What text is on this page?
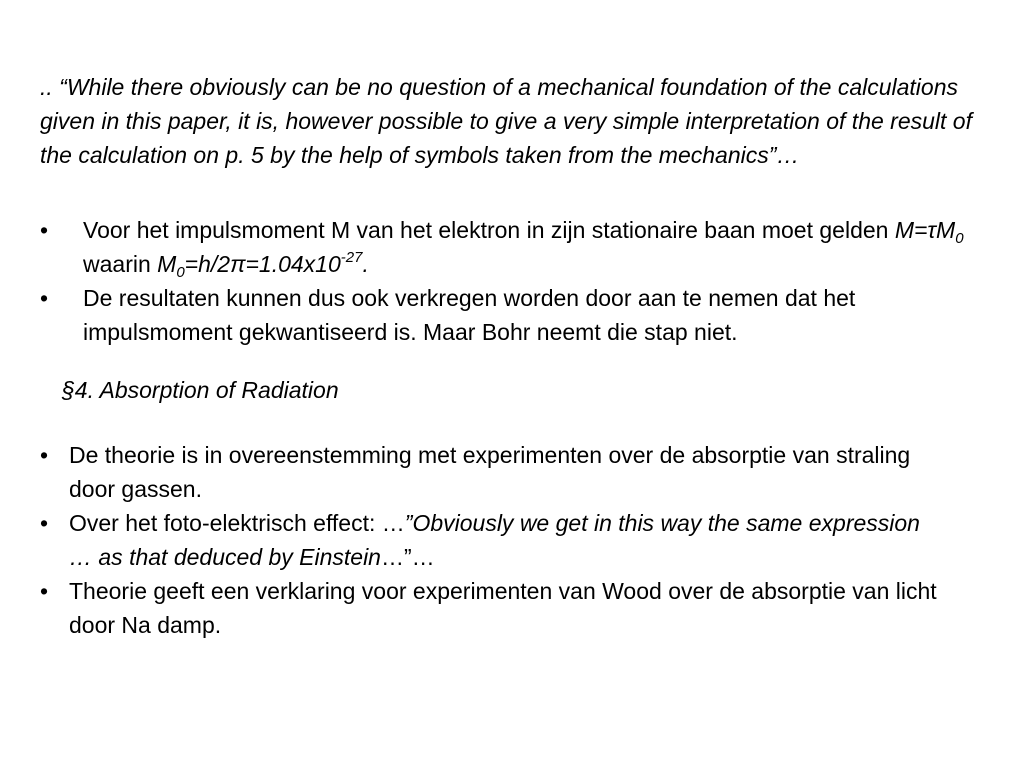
.. “While there obviously can be no question of a mechanical foundation of the calculations given in this paper, it is, however possible to give a very simple interpretation of the result of the calculation on p. 5 by the help of symbols taken from the mechanics”…
• Voor het impulsmoment M van het elektron in zijn stationaire baan moet gelden $M=\tau M_0$ waarin $M_0=h/2\pi=1.04x10^{-27}$.
• De resultaten kunnen dus ook verkregen worden door aan te nemen dat het impulsmoment gekwantiseerd is. Maar Bohr neemt die stap niet.
§4. Absorption of Radiation
• De theorie is in overeenstemming met experimenten over de absorptie van straling door gassen.
• Over het foto-elektrisch effect: …”Obviously we get in this way the same expression … as that deduced by Einstein…”…
• Theorie geeft een verklaring voor experimenten van Wood over de absorptie van licht door Na damp.
